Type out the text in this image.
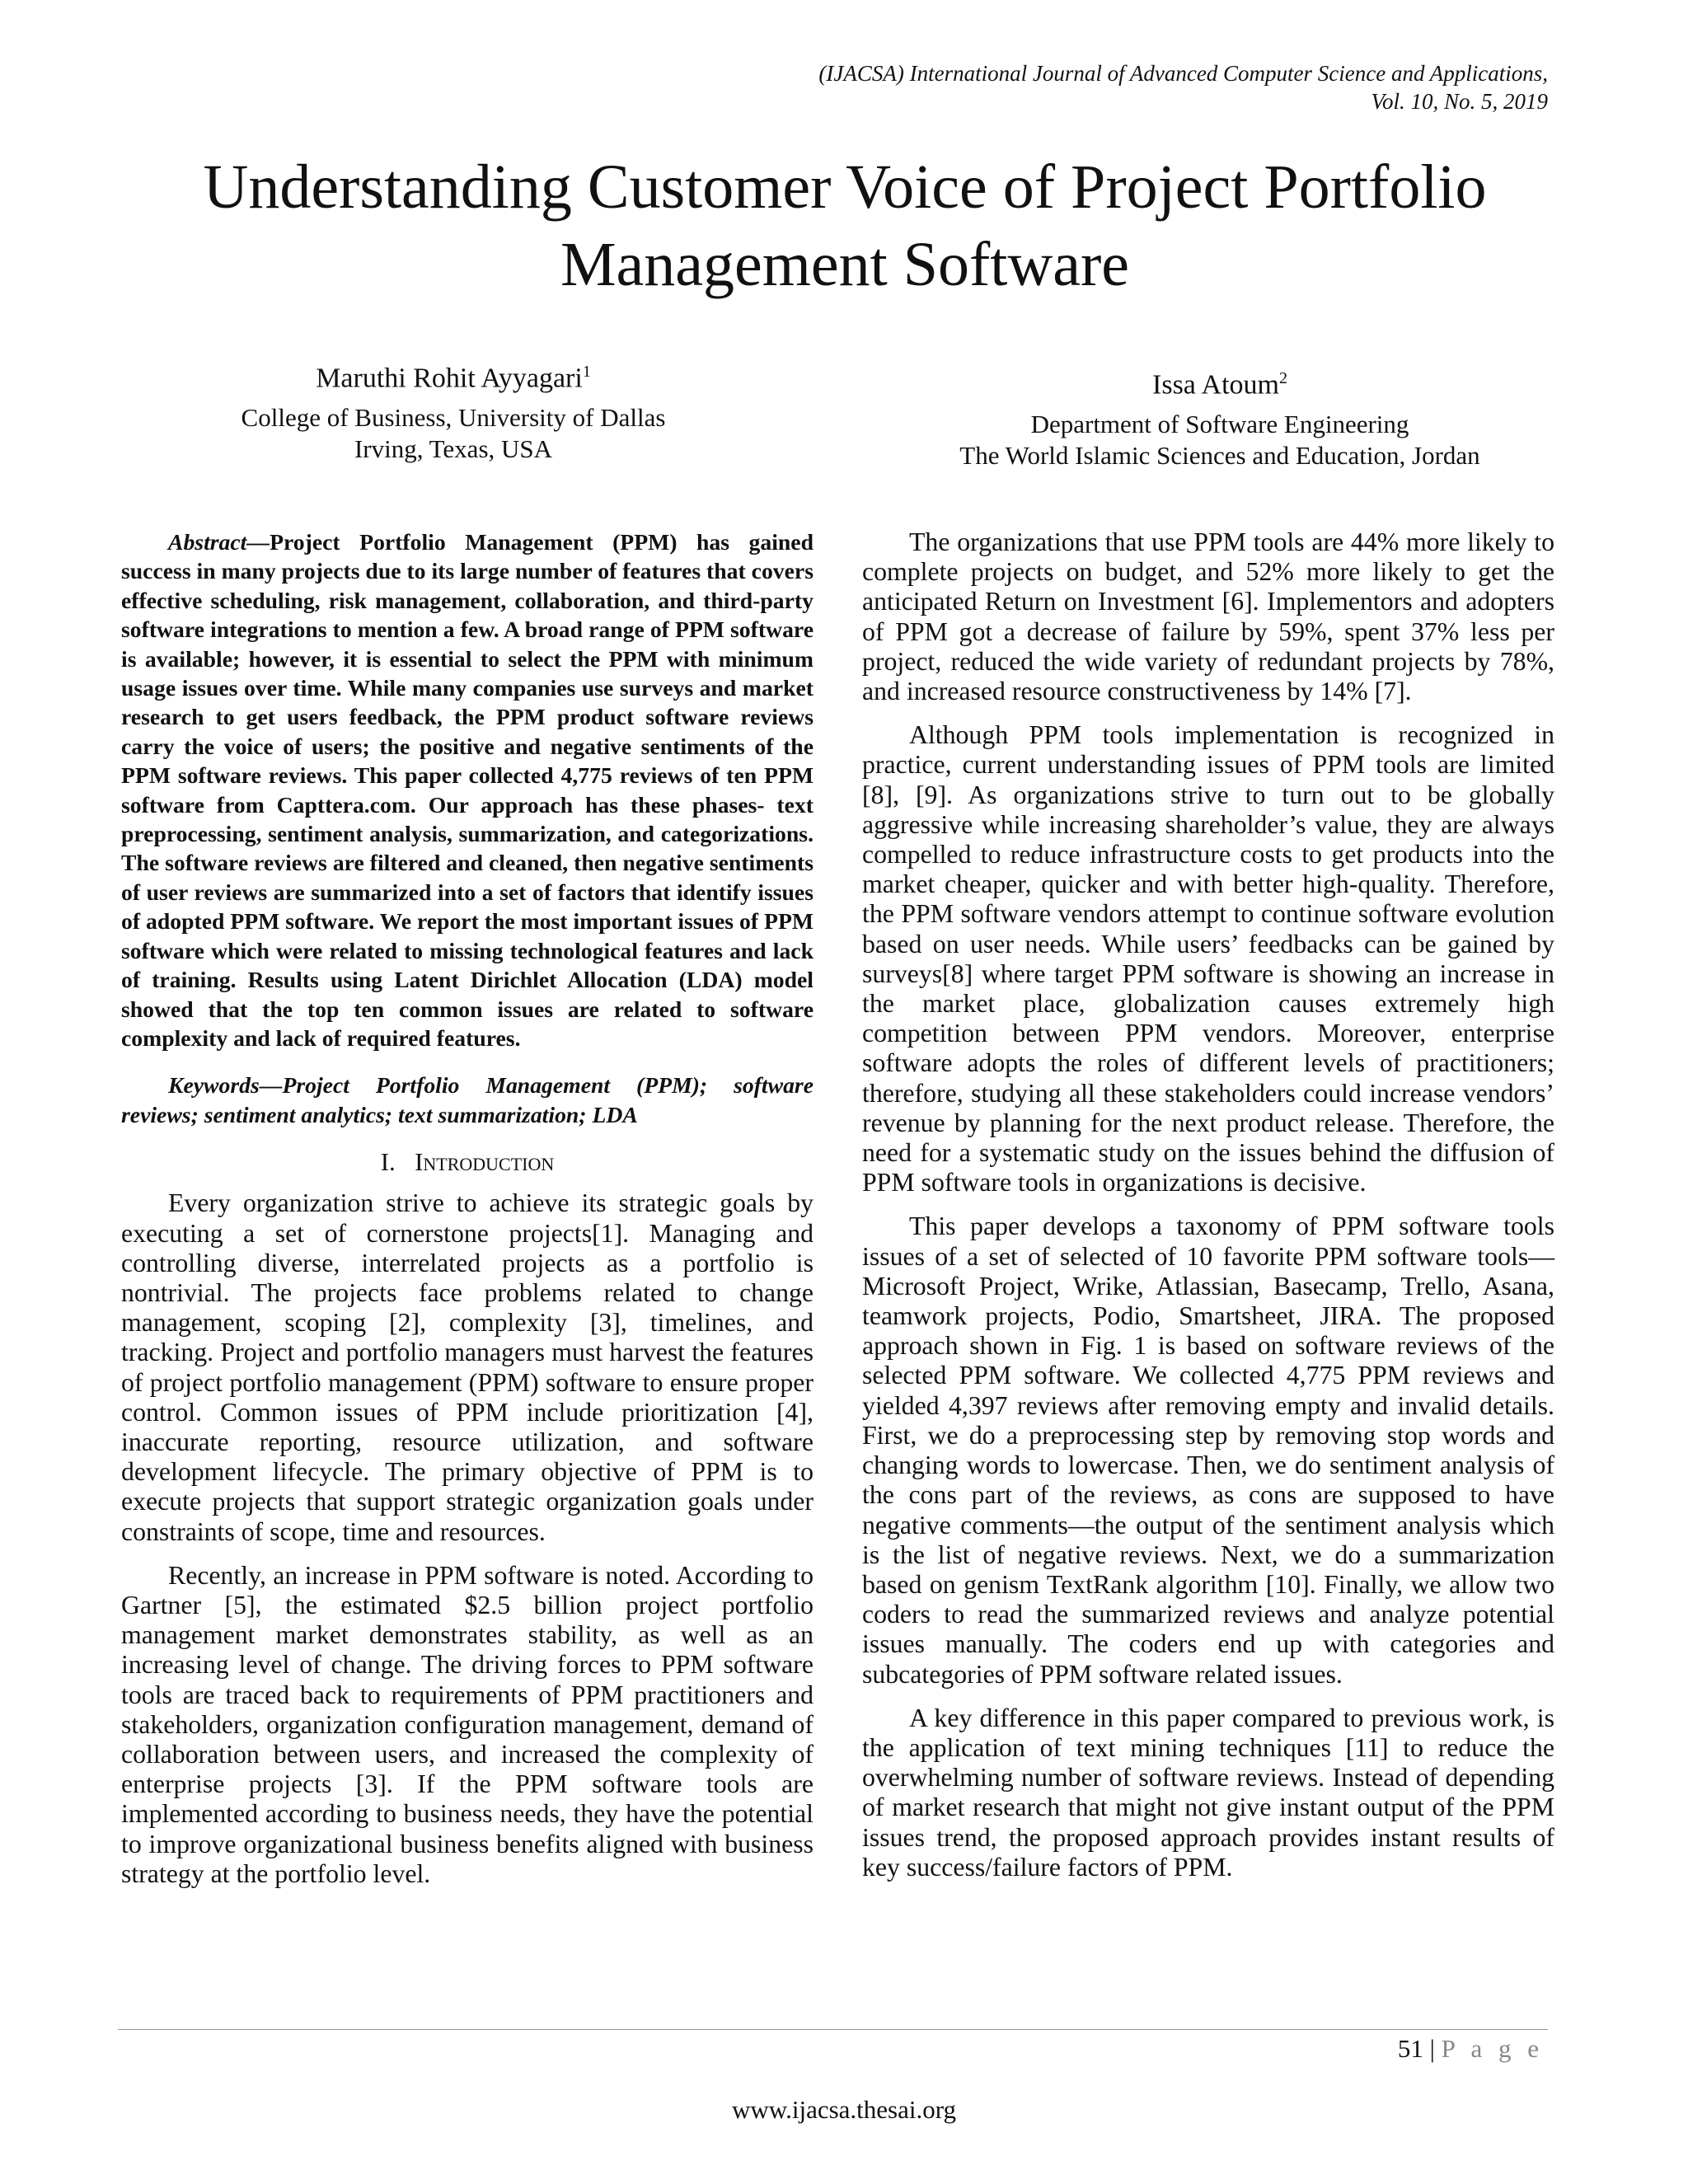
(IJACSA) International Journal of Advanced Computer Science and Applications,
Vol. 10, No. 5, 2019
Understanding Customer Voice of Project Portfolio
Management Software
Maruthi Rohit Ayyagari$^1$
College of Business, University of Dallas
Irving, Texas, USA
Issa Atoum$^2$
Department of Software Engineering
The World Islamic Sciences and Education, Jordan

Abstract—Project Portfolio Management (PPM) has gained success in many projects due to its large number of features that covers effective scheduling, risk management, collaboration, and third-party software integrations to mention a few. A broad range of PPM software is available; however, it is essential to select the PPM with minimum usage issues over time. While many companies use surveys and market research to get users feedback, the PPM product software reviews carry the voice of users; the positive and negative sentiments of the PPM software reviews. This paper collected 4,775 reviews of ten PPM software from Capttera.com. Our approach has these phases- text preprocessing, sentiment analysis, summarization, and categorizations. The software reviews are filtered and cleaned, then negative sentiments of user reviews are summarized into a set of factors that identify issues of adopted PPM software. We report the most important issues of PPM software which were related to missing technological features and lack of training. Results using Latent Dirichlet Allocation (LDA) model showed that the top ten common issues are related to software complexity and lack of required features.

Keywords—Project Portfolio Management (PPM); software reviews; sentiment analytics; text summarization; LDA

I. Introduction

Every organization strive to achieve its strategic goals by executing a set of cornerstone projects[1]. Managing and controlling diverse, interrelated projects as a portfolio is nontrivial. The projects face problems related to change management, scoping [2], complexity [3], timelines, and tracking. Project and portfolio managers must harvest the features of project portfolio management (PPM) software to ensure proper control. Common issues of PPM include prioritization [4], inaccurate reporting, resource utilization, and software development lifecycle. The primary objective of PPM is to execute projects that support strategic organization goals under constraints of scope, time and resources.

Recently, an increase in PPM software is noted. According to Gartner [5], the estimated $2.5 billion project portfolio management market demonstrates stability, as well as an increasing level of change. The driving forces to PPM software tools are traced back to requirements of PPM practitioners and stakeholders, organization configuration management, demand of collaboration between users, and increased the complexity of enterprise projects [3]. If the PPM software tools are implemented according to business needs, they have the potential to improve organizational business benefits aligned with business strategy at the portfolio level.

The organizations that use PPM tools are 44% more likely to complete projects on budget, and 52% more likely to get the anticipated Return on Investment [6]. Implementors and adopters of PPM got a decrease of failure by 59%, spent 37% less per project, reduced the wide variety of redundant projects by 78%, and increased resource constructiveness by 14% [7].

Although PPM tools implementation is recognized in practice, current understanding issues of PPM tools are limited [8], [9]. As organizations strive to turn out to be globally aggressive while increasing shareholder’s value, they are always compelled to reduce infrastructure costs to get products into the market cheaper, quicker and with better high-quality. Therefore, the PPM software vendors attempt to continue software evolution based on user needs. While users’ feedbacks can be gained by surveys[8] where target PPM software is showing an increase in the market place, globalization causes extremely high competition between PPM vendors. Moreover, enterprise software adopts the roles of different levels of practitioners; therefore, studying all these stakeholders could increase vendors’ revenue by planning for the next product release. Therefore, the need for a systematic study on the issues behind the diffusion of PPM software tools in organizations is decisive.

This paper develops a taxonomy of PPM software tools issues of a set of selected of 10 favorite PPM software tools—Microsoft Project, Wrike, Atlassian, Basecamp, Trello, Asana, teamwork projects, Podio, Smartsheet, JIRA. The proposed approach shown in Fig. 1 is based on software reviews of the selected PPM software. We collected 4,775 PPM reviews and yielded 4,397 reviews after removing empty and invalid details. First, we do a preprocessing step by removing stop words and changing words to lowercase. Then, we do sentiment analysis of the cons part of the reviews, as cons are supposed to have negative comments—the output of the sentiment analysis which is the list of negative reviews. Next, we do a summarization based on genism TextRank algorithm [10]. Finally, we allow two coders to read the summarized reviews and analyze potential issues manually. The coders end up with categories and subcategories of PPM software related issues.

A key difference in this paper compared to previous work, is the application of text mining techniques [11] to reduce the overwhelming number of software reviews. Instead of depending of market research that might not give instant output of the PPM issues trend, the proposed approach provides instant results of key success/failure factors of PPM.

51 | P a g e
www.ijacsa.thesai.org
